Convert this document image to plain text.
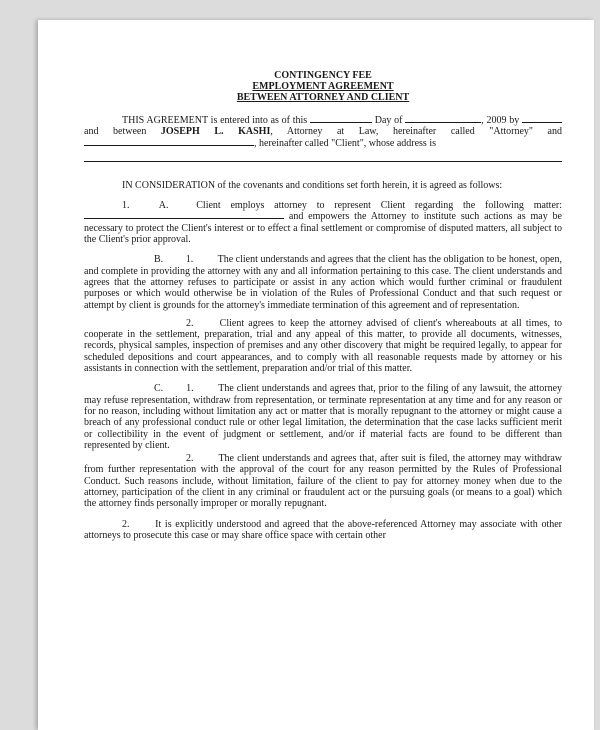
CONTINGENCY FEE
EMPLOYMENT AGREEMENT
BETWEEN ATTORNEY AND CLIENT

THIS AGREEMENT is entered into as of this	Day of	, 2009 by  and between JOSEPH L. KASHI, Attorney at Law, hereinafter called "Attorney" and , hereinafter called "Client", whose address is

IN CONSIDERATION of the covenants and conditions set forth herein, it is agreed as follows:

1.	A.	Client employs attorney to represent Client regarding the following matter:  and empowers the Attorney to institute such actions as may be necessary to protect the Client's interest or to effect a final settlement or compromise of disputed matters, all subject to the Client's prior approval.

B. 1. The client understands and agrees that the client has the obligation to be honest, open, and complete in providing the attorney with any and all information pertaining to this case. The client understands and agrees that the attorney refuses to participate or assist in any action which would further criminal or fraudulent purposes or which would otherwise be in violation of the Rules of Professional Conduct and that such request or attempt by client is grounds for the attorney's immediate termination of this agreement and of representation.

2.	Client agrees to keep the attorney advised of client's whereabouts at all times, to cooperate in the settlement, preparation, trial and any appeal of this matter, to provide all documents, witnesses, records, physical samples, inspection of premises and any other discovery that might be required legally, to appear for scheduled depositions and court appearances, and to comply with all reasonable requests made by attorney or his assistants in connection with the settlement, preparation and/or trial of this matter.

C. 1. The client understands and agrees that, prior to the filing of any lawsuit, the attorney may refuse representation, withdraw from representation, or terminate representation at any time and for any reason or for no reason, including without limitation any act or matter that is morally repugnant to the attorney or might cause a breach of any professional conduct rule or other legal limitation, the determination that the case lacks sufficient merit or collectibility in the event of judgment or settlement, and/or if material facts are found to be different than represented by client.

2. The client understands and agrees that, after suit is filed, the attorney may withdraw from further representation with the approval of the court for any reason permitted by the Rules of Professional Conduct. Such reasons include, without limitation, failure of the client to pay for attorney money when due to the attorney, participation of the client in any criminal or fraudulent act or the pursuing goals (or means to a goal) which the attorney finds personally improper or morally repugnant.

2.	It is explicitly understood and agreed that the above-referenced Attorney may associate with other attorneys to prosecute this case or may share office space with certain other
